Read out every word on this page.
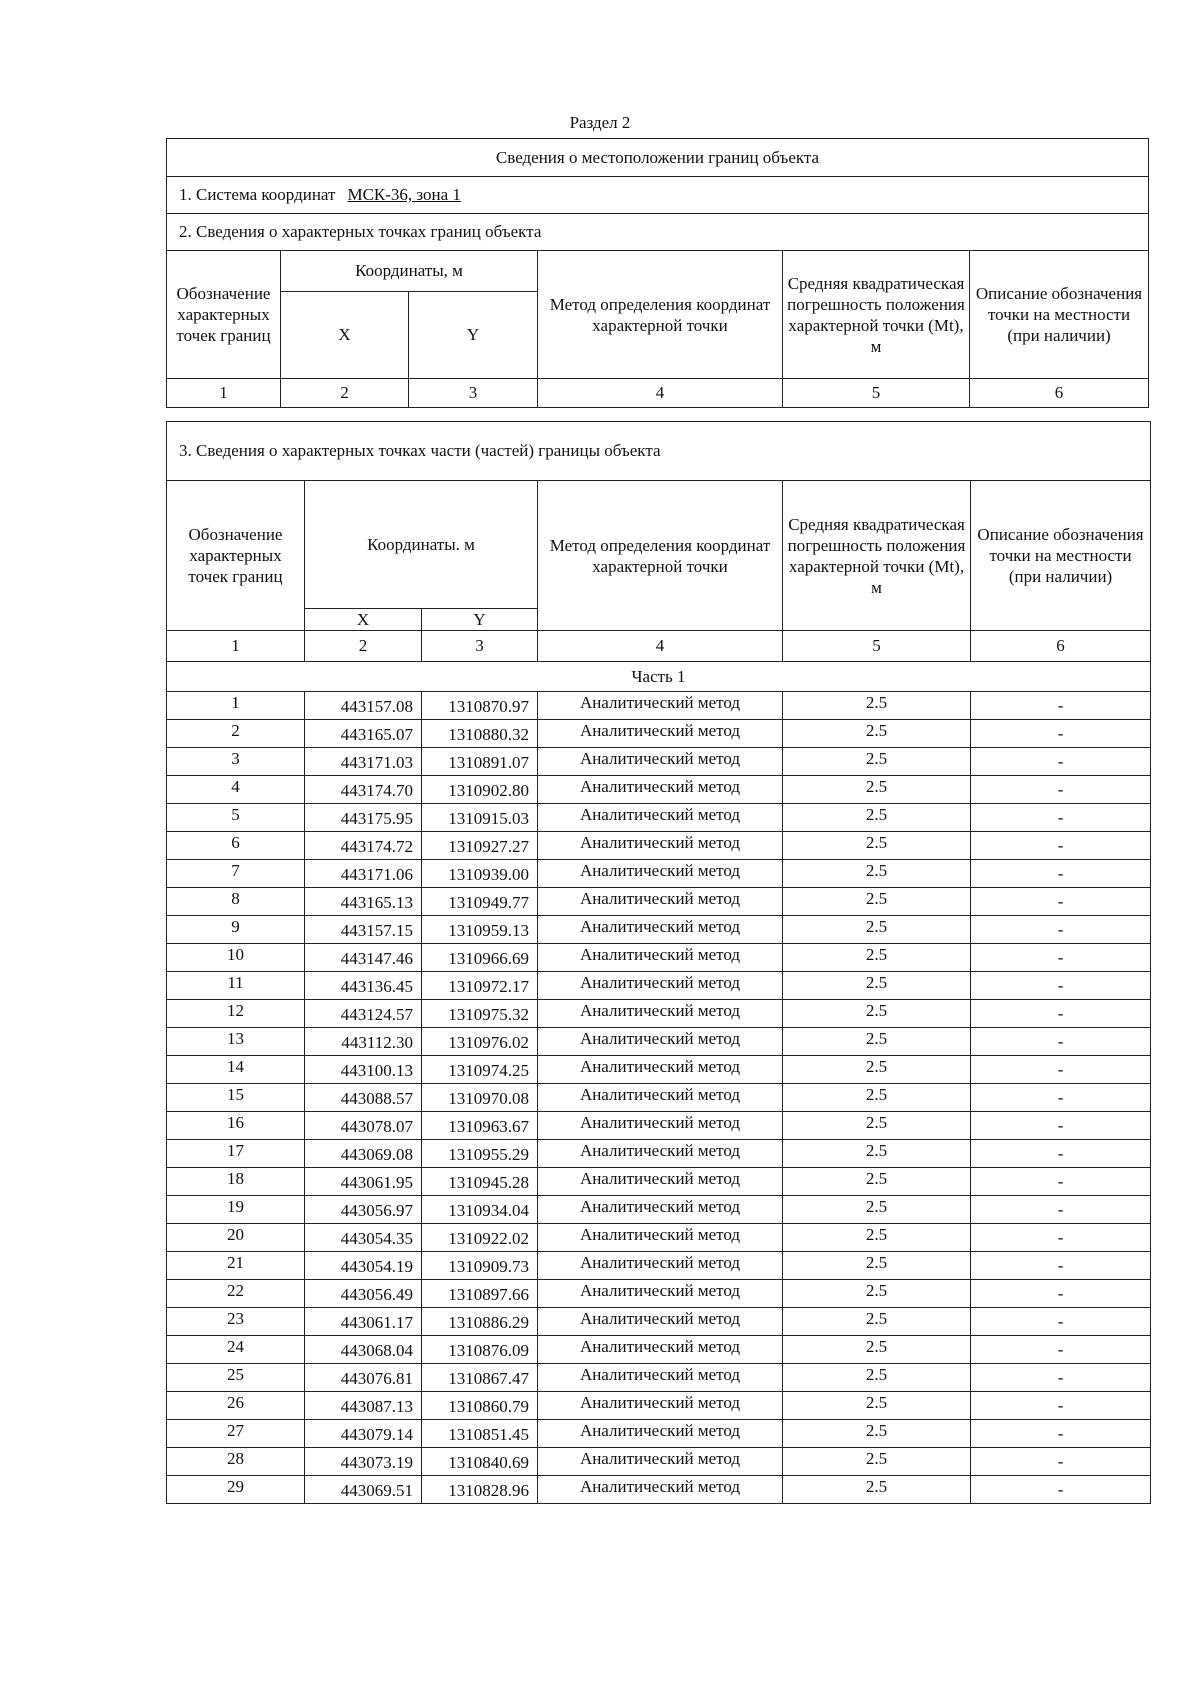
Раздел 2
Сведения о местоположении границ объекта					
1. Система координат МСК-36, зона 1					
2. Сведения о характерных точках границ объекта					
Обозначение характерных точек границ	Координаты, м		Метод определения координат характерной точки	Средняя квадратическая погрешность положения характерной точки (Mt), м	Описание обозначения точки на местности (при наличии)
	X	Y			
1	2	3	4	5	6
3. Сведения о характерных точках части (частей) границы объекта					
Обозначение характерных точек границ	Координаты. м		Метод определения координат характерной точки	Средняя квадратическая погрешность положения характерной точки (Mt), м	Описание обозначения точки на местности (при наличии)
	X	Y			
1	2	3	4	5	6
Часть 1					
1	443157.08	1310870.97	Аналитический метод	2.5	-
2	443165.07	1310880.32	Аналитический метод	2.5	-
3	443171.03	1310891.07	Аналитический метод	2.5	-
4	443174.70	1310902.80	Аналитический метод	2.5	-
5	443175.95	1310915.03	Аналитический метод	2.5	-
6	443174.72	1310927.27	Аналитический метод	2.5	-
7	443171.06	1310939.00	Аналитический метод	2.5	-
8	443165.13	1310949.77	Аналитический метод	2.5	-
9	443157.15	1310959.13	Аналитический метод	2.5	-
10	443147.46	1310966.69	Аналитический метод	2.5	-
11	443136.45	1310972.17	Аналитический метод	2.5	-
12	443124.57	1310975.32	Аналитический метод	2.5	-
13	443112.30	1310976.02	Аналитический метод	2.5	-
14	443100.13	1310974.25	Аналитический метод	2.5	-
15	443088.57	1310970.08	Аналитический метод	2.5	-
16	443078.07	1310963.67	Аналитический метод	2.5	-
17	443069.08	1310955.29	Аналитический метод	2.5	-
18	443061.95	1310945.28	Аналитический метод	2.5	-
19	443056.97	1310934.04	Аналитический метод	2.5	-
20	443054.35	1310922.02	Аналитический метод	2.5	-
21	443054.19	1310909.73	Аналитический метод	2.5	-
22	443056.49	1310897.66	Аналитический метод	2.5	-
23	443061.17	1310886.29	Аналитический метод	2.5	-
24	443068.04	1310876.09	Аналитический метод	2.5	-
25	443076.81	1310867.47	Аналитический метод	2.5	-
26	443087.13	1310860.79	Аналитический метод	2.5	-
27	443079.14	1310851.45	Аналитический метод	2.5	-
28	443073.19	1310840.69	Аналитический метод	2.5	-
29	443069.51	1310828.96	Аналитический метод	2.5	-
